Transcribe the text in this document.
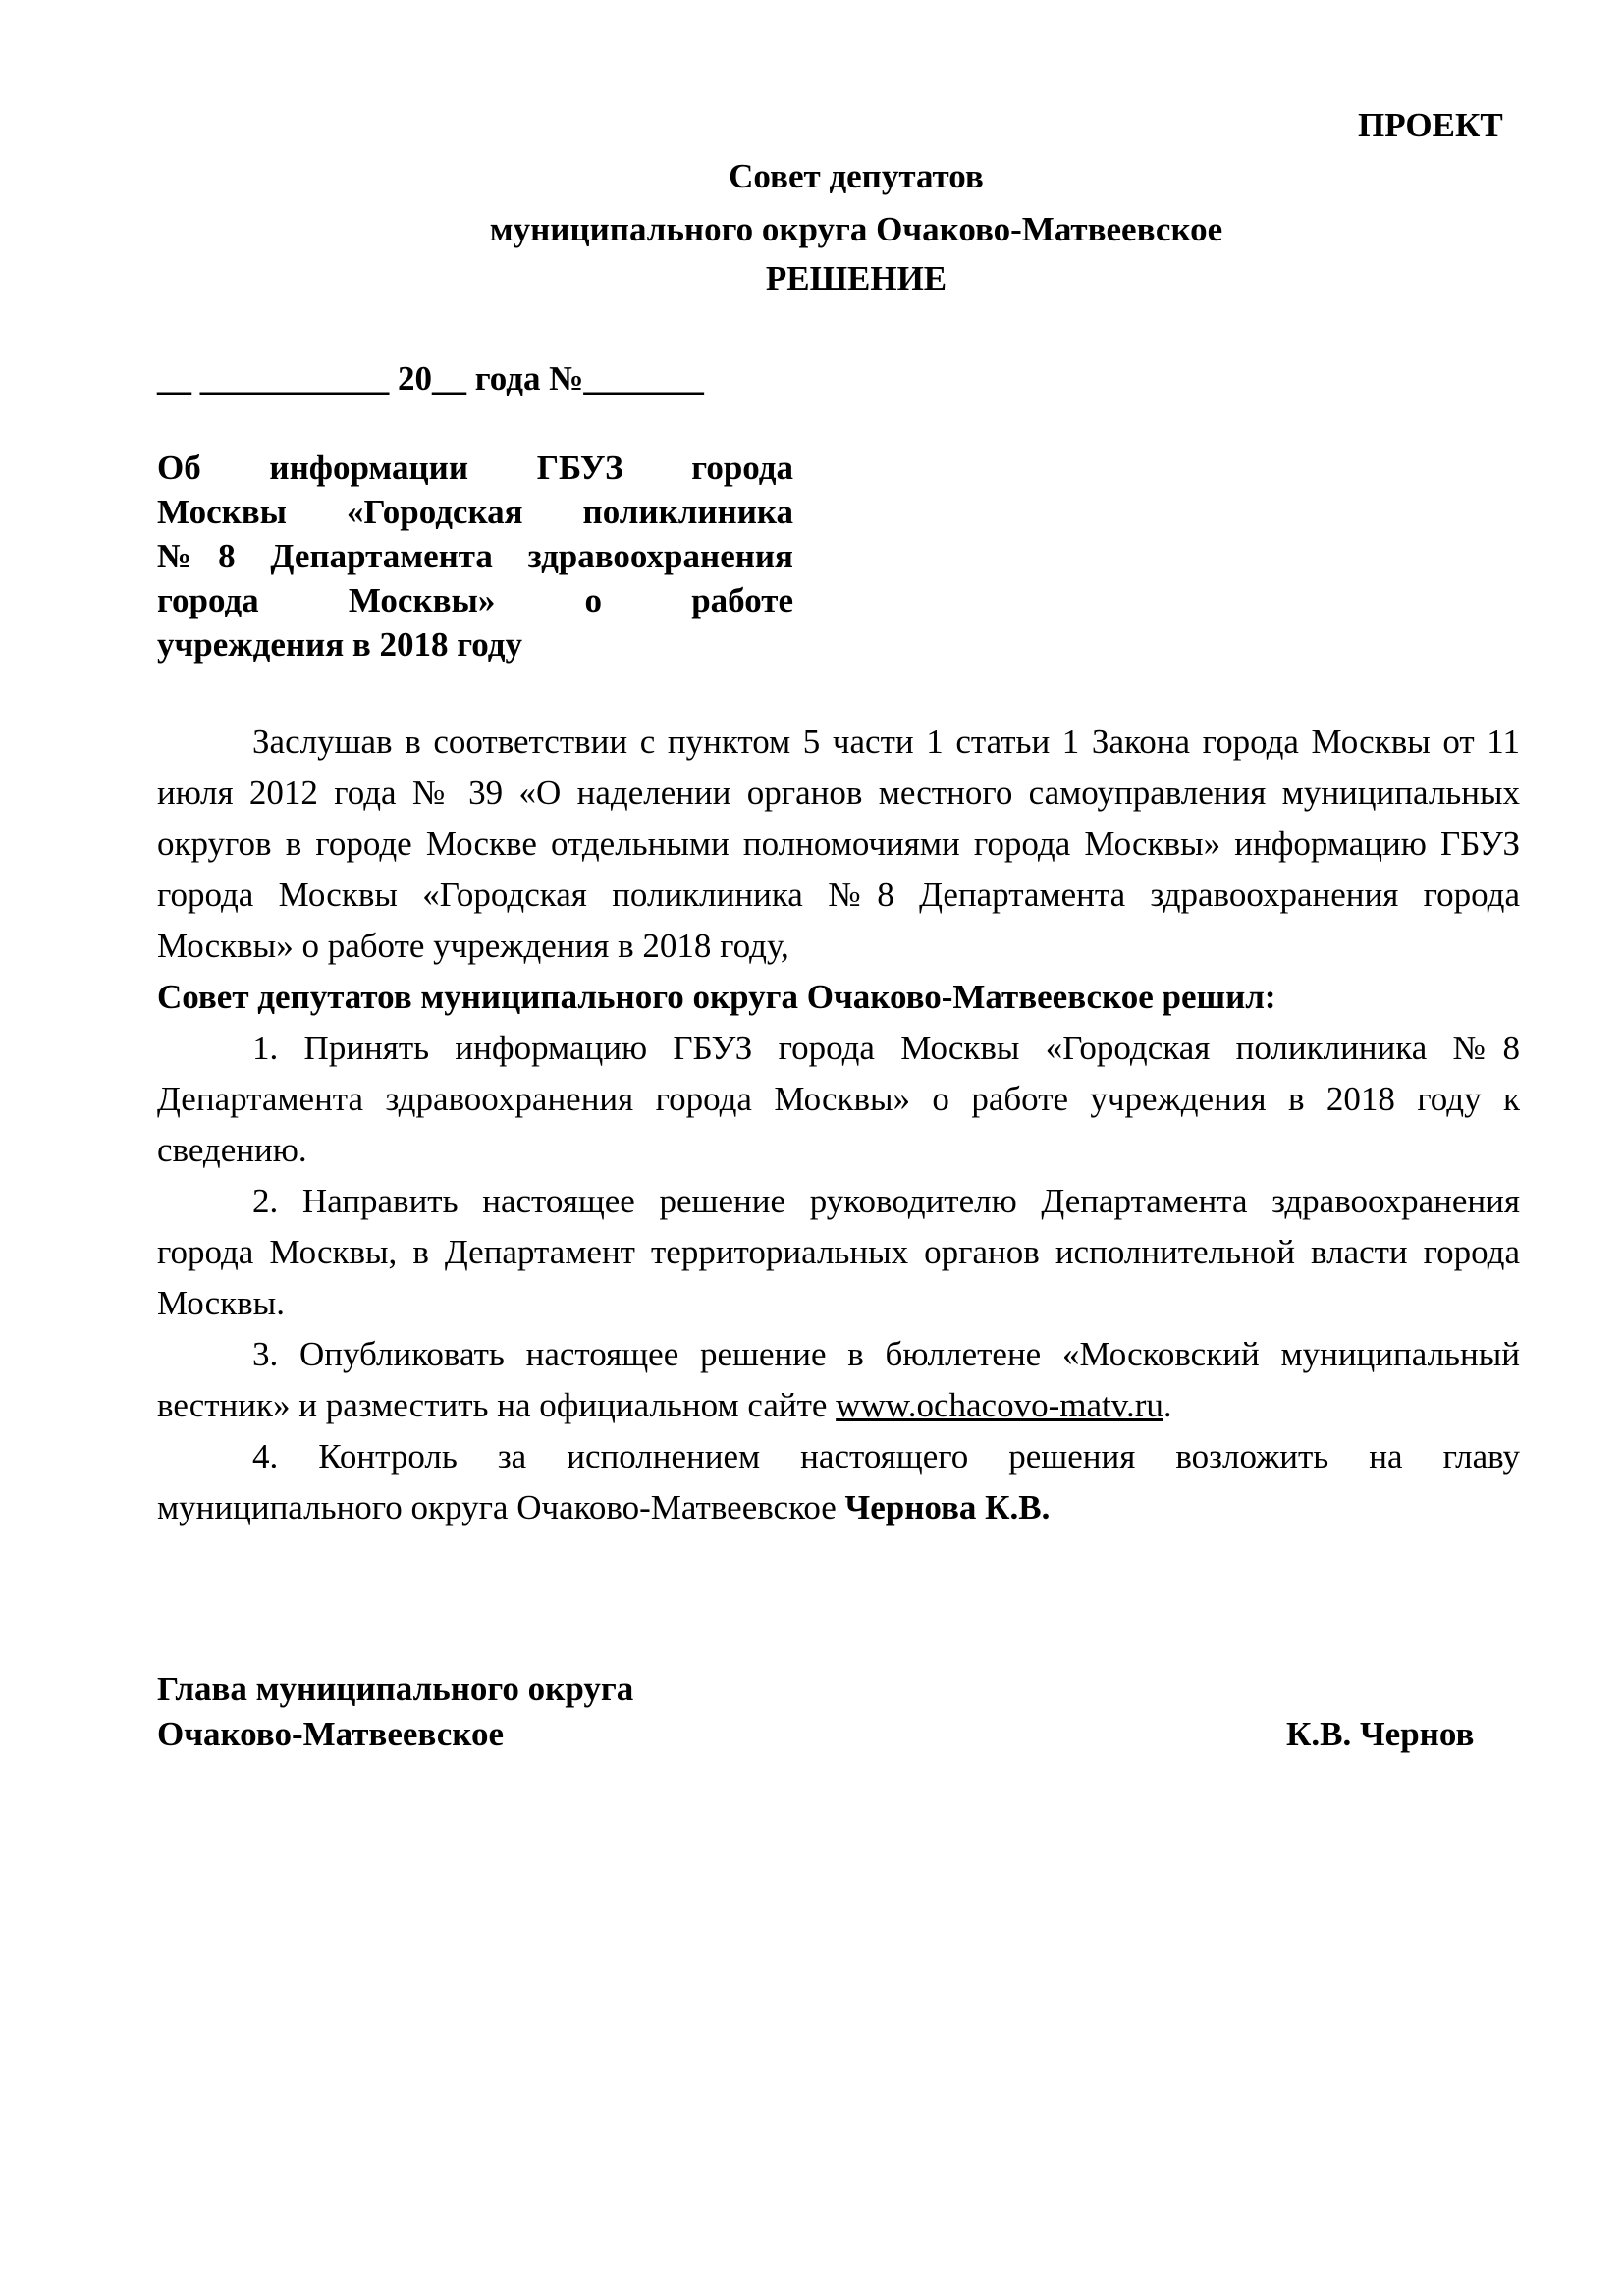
ПРОЕКТ
Совет депутатов
муниципального округа Очаково-Матвеевское
РЕШЕНИЕ
__ ___________ 20__ года №_______
Об информации ГБУЗ города
Москвы «Городская поликлиника
№8 Департамента здравоохранения
города Москвы» о работе
учреждения в 2018 году

Заслушав в соответствии с пунктом 5 части 1 статьи 1 Закона города Москвы от 11 июля 2012 года № 39 «О наделении органов местного самоуправления муниципальных округов в городе Москве отдельными полномочиями города Москвы» информацию ГБУЗ города Москвы «Городская поликлиника №8 Департамента здравоохранения города Москвы» о работе учреждения в 2018 году,

Совет депутатов муниципального округа Очаково-Матвеевское решил:

1. Принять информацию ГБУЗ города Москвы «Городская поликлиника №8 Департамента здравоохранения города Москвы» о работе учреждения в 2018 году к сведению.

2. Направить настоящее решение руководителю Департамента здравоохранения города Москвы, в Департамент территориальных органов исполнительной власти города Москвы.

3. Опубликовать настоящее решение в бюллетене «Московский муниципальный вестник» и разместить на официальном сайте www.ochacovo-matv.ru.

4. Контроль за исполнением настоящего решения возложить на главу муниципального округа Очаково-Матвеевское Чернова К.В.

Глава муниципального округа
Очаково-Матвеевское	К.В. Чернов
